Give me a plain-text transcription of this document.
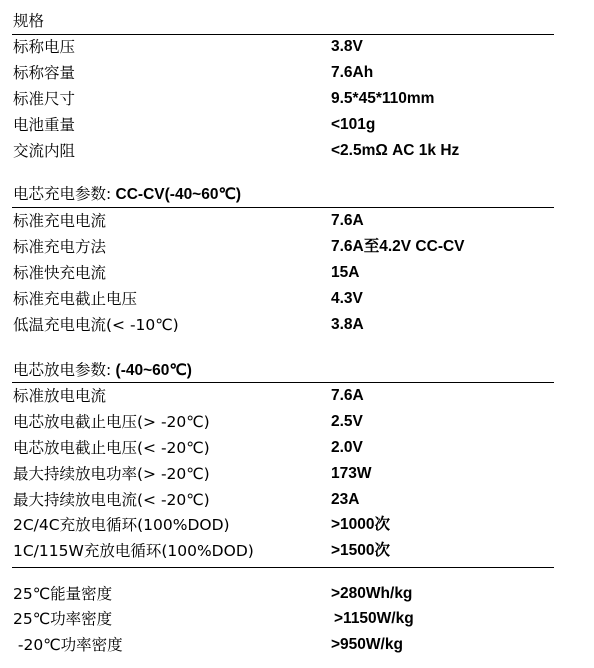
规格
标称电压	3.8V
标称容量	7.6Ah
标准尺寸	9.5*45*110mm
电池重量	<101g
交流内阻	<2.5mΩ AC 1k Hz
电芯充电参数: CC-CV(-40~60℃)
标准充电电流	7.6A
标准充电方法	7.6A至4.2V CC-CV
标准快充电流	15A
标准充电截止电压	4.3V
低温充电电流(< -10℃)	3.8A
电芯放电参数: (-40~60℃)
标准放电电流	7.6A
电芯放电截止电压(> -20℃)	2.5V
电芯放电截止电压(< -20℃)	2.0V
最大持续放电功率(> -20℃)	173W
最大持续放电电流(< -20℃)	23A
2C/4C充放电循环(100%DOD)	>1000次
1C/115W充放电循环(100%DOD)	>1500次
25℃能量密度	>280Wh/kg
25℃功率密度	>1150W/kg
-20℃功率密度	>950W/kg
